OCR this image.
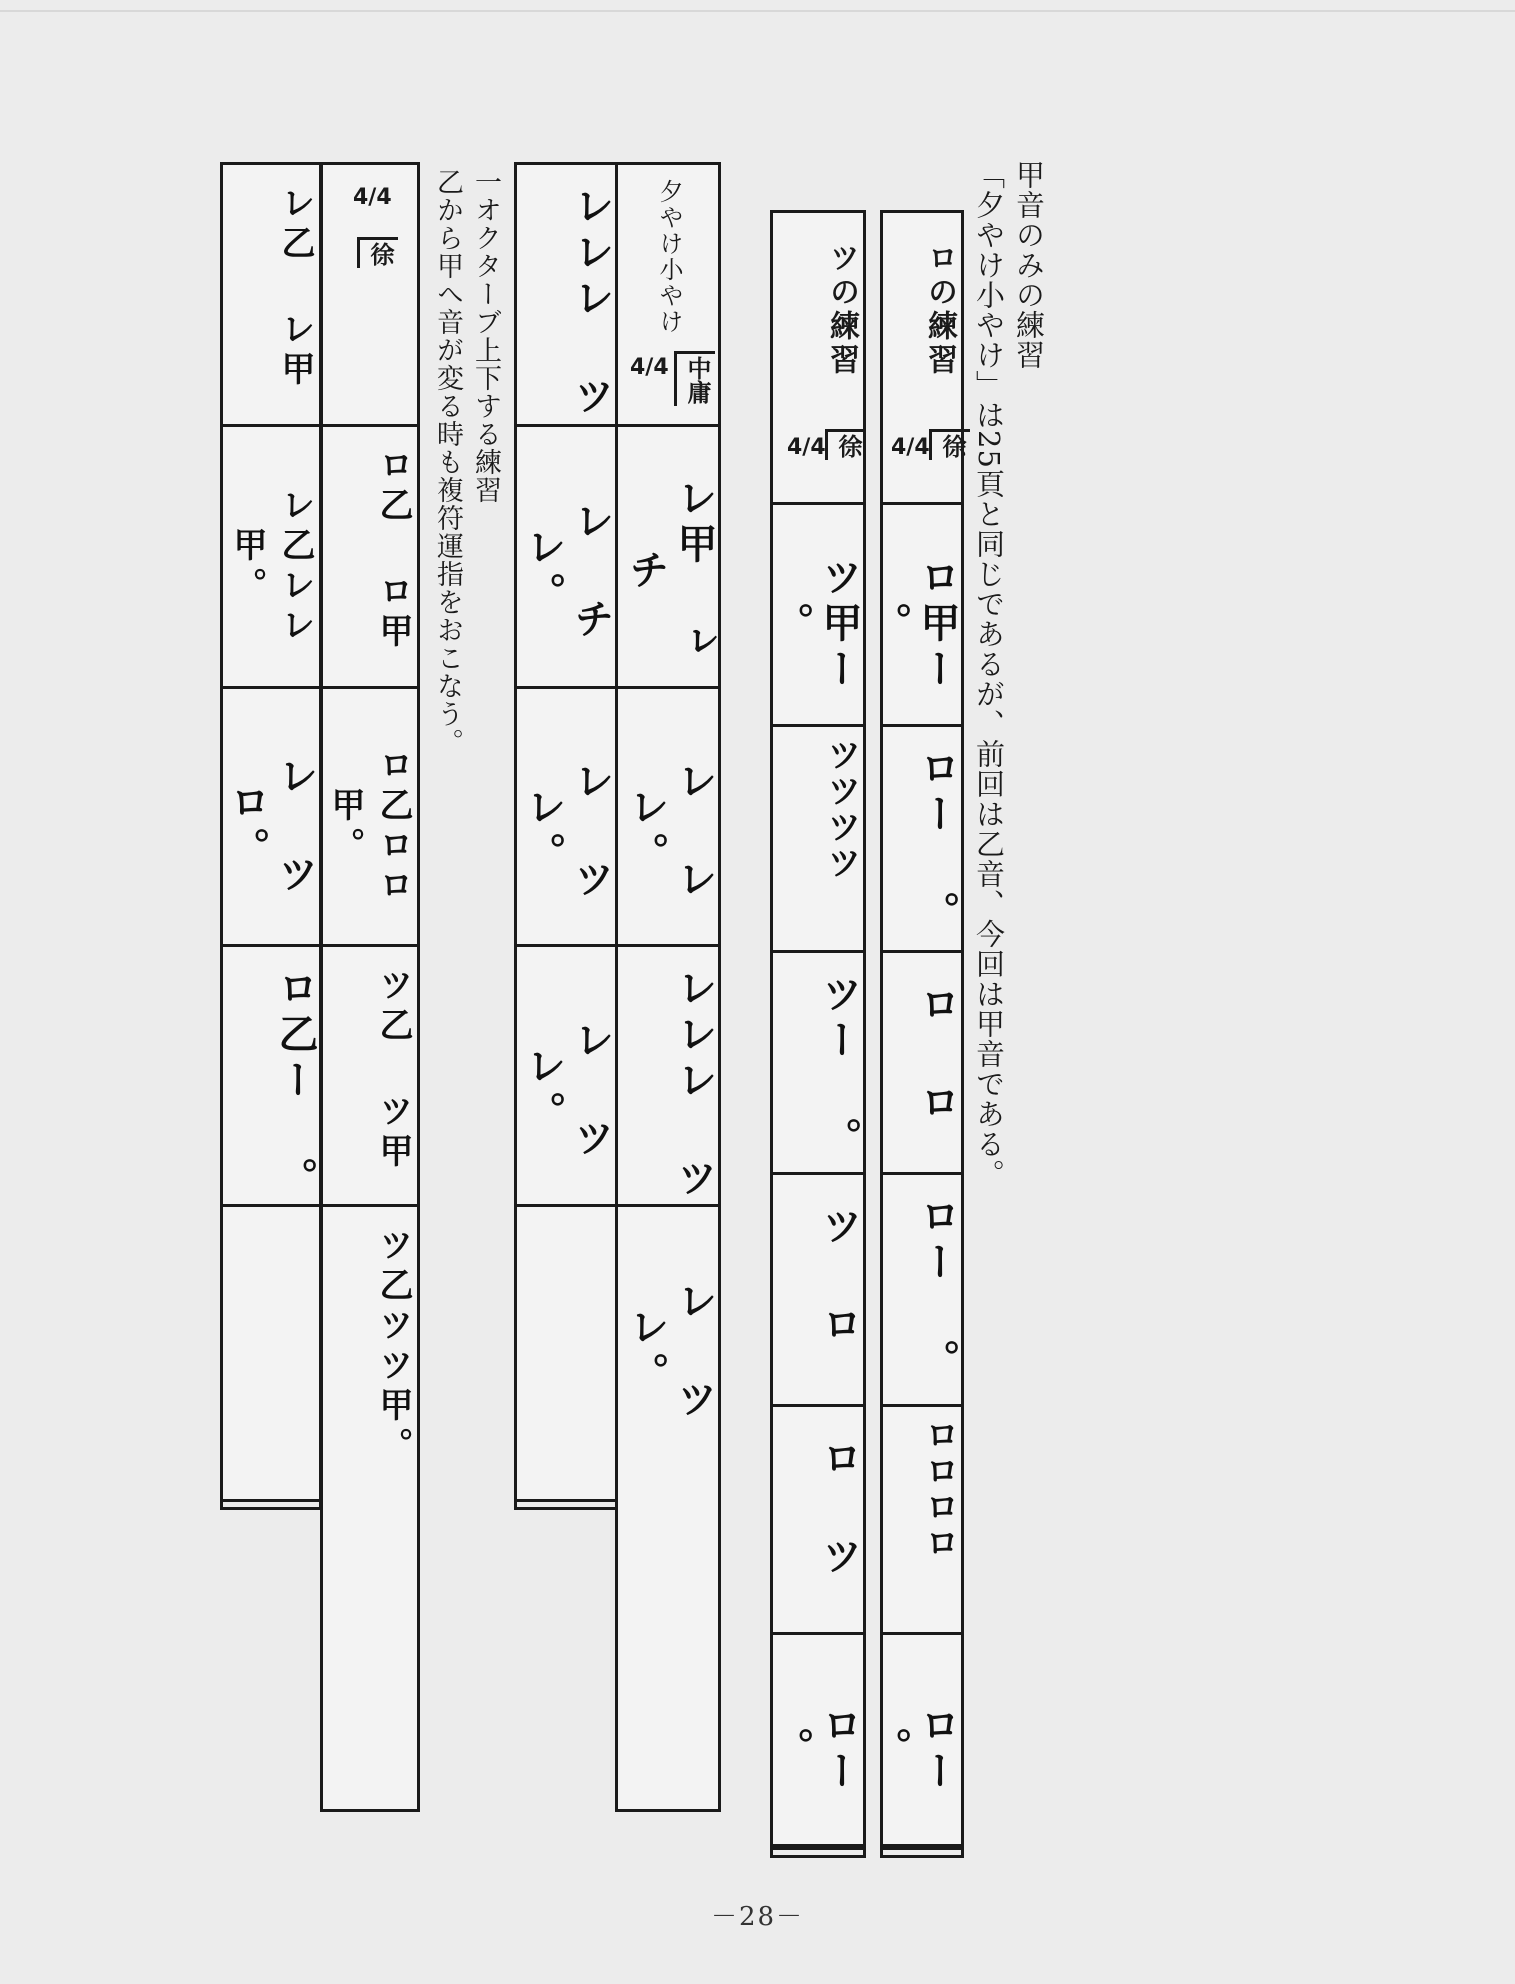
甲音のみの練習
「夕やけ小やけ」は25頁と同じであるが、前回は乙音、今回は甲音である。
ロの練習
4/4 徐
ロ甲ー 。
ロー 。
ロ ロ
ロー 。
ロロロロ
ロー 。
ツの練習
4/4 徐
ツ甲ー 。
ツツツツ
ツー 。
ツ ロ
ロ ツ
ロー 。
夕やけ小やけ
4/4 中庸
レ甲 ㇾ チ
レ レ レ。
レレレ ツ
レ ツ レ。
レレレ ツ
レ チ レ。
レ ツ レ。
レ ツ レ。
一オクターブ上下する練習
乙から甲へ音が変る時も複符運指をおこなう。
4/4
徐
ロ乙 ロ甲
ロ乙ロロ甲。
ツ乙 ツ甲
ツ乙ツツ甲。
レ乙 レ甲
レ乙レレ甲。
レ ツ ロ。
ロ乙ー 。
－28－
